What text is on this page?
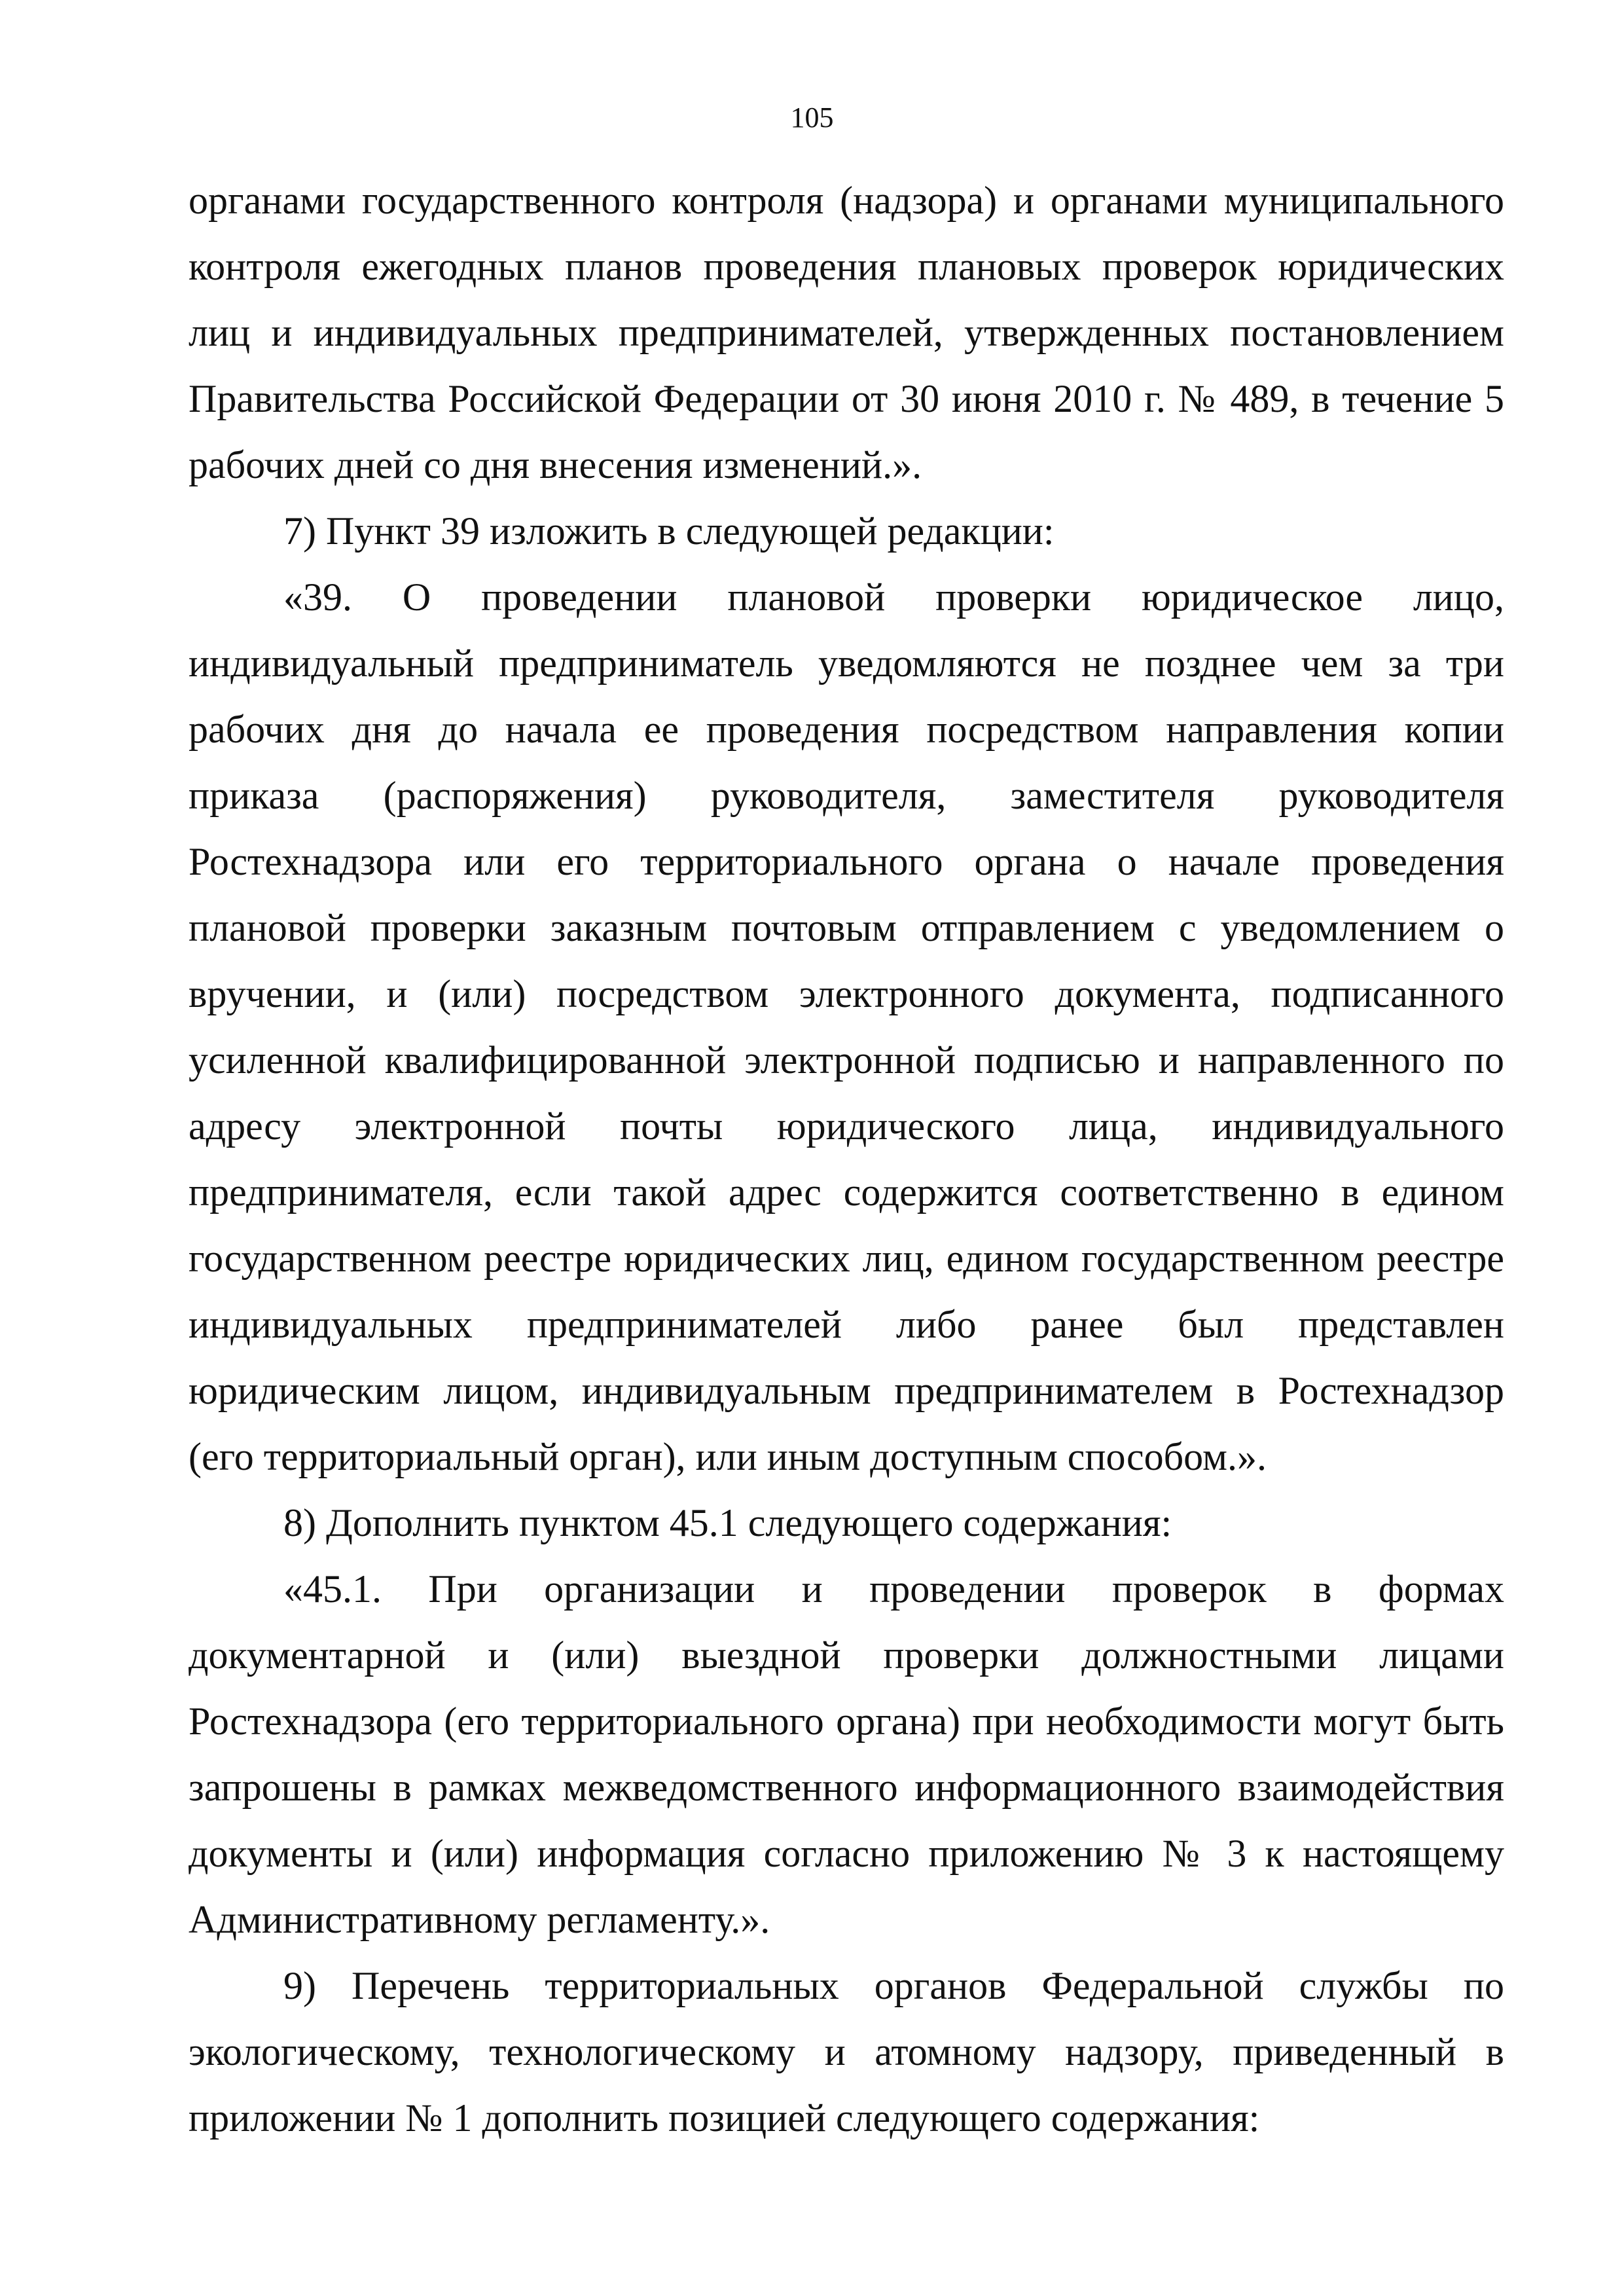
105

органами государственного контроля (надзора) и органами муниципального контроля ежегодных планов проведения плановых проверок юридических лиц и индивидуальных предпринимателей, утвержденных постановлением Правительства Российской Федерации от 30 июня 2010 г. № 489, в течение 5 рабочих дней со дня внесения изменений.».

7) Пункт 39 изложить в следующей редакции:

«39. О проведении плановой проверки юридическое лицо, индивидуальный предприниматель уведомляются не позднее чем за три рабочих дня до начала ее проведения посредством направления копии приказа (распоряжения) руководителя, заместителя руководителя Ростехнадзора или его территориального органа о начале проведения плановой проверки заказным почтовым отправлением с уведомлением о вручении, и (или) посредством электронного документа, подписанного усиленной квалифицированной электронной подписью и направленного по адресу электронной почты юридического лица, индивидуального предпринимателя, если такой адрес содержится соответственно в едином государственном реестре юридических лиц, едином государственном реестре индивидуальных предпринимателей либо ранее был представлен юридическим лицом, индивидуальным предпринимателем в Ростехнадзор (его территориальный орган), или иным доступным способом.».

8) Дополнить пунктом 45.1 следующего содержания:

«45.1. При организации и проведении проверок в формах документарной и (или) выездной проверки должностными лицами Ростехнадзора (его территориального органа) при необходимости могут быть запрошены в рамках межведомственного информационного взаимодействия документы и (или) информация согласно приложению № 3 к настоящему Административному регламенту.».

9) Перечень территориальных органов Федеральной службы по экологическому, технологическому и атомному надзору, приведенный в приложении № 1 дополнить позицией следующего содержания:
